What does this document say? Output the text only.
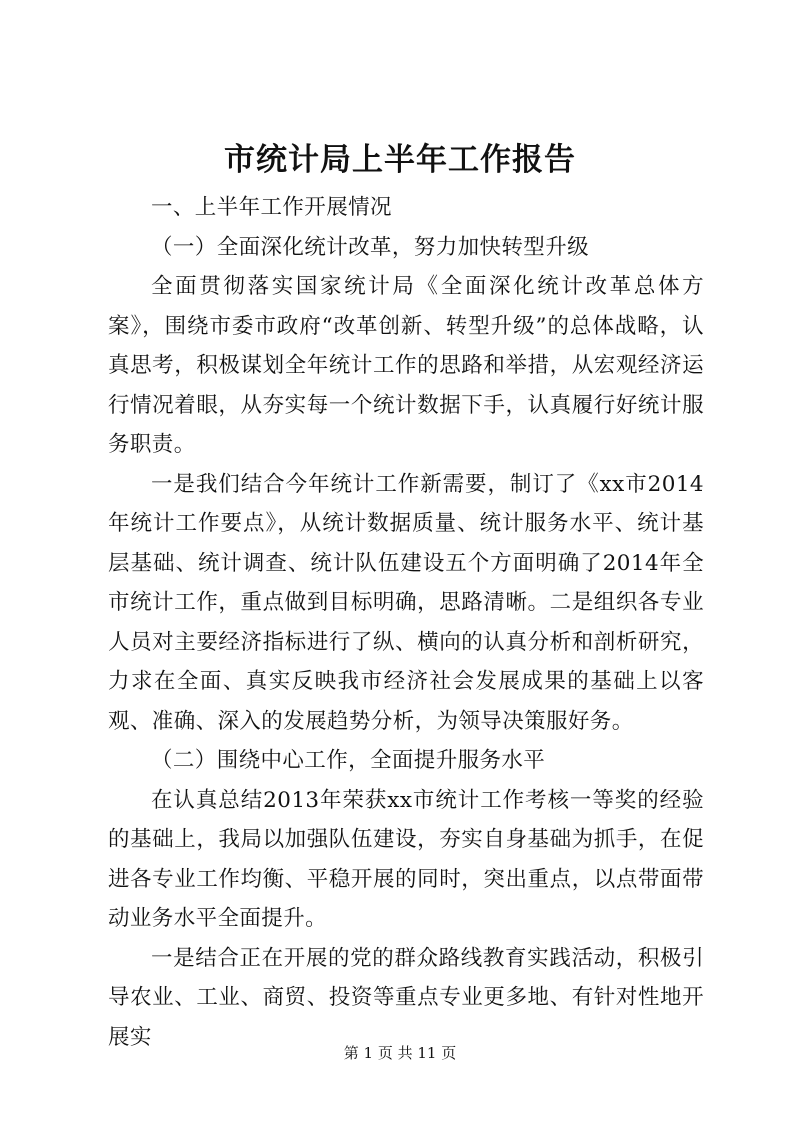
市统计局上半年工作报告

一、上半年工作开展情况

（一）全面深化统计改革，努力加快转型升级

全面贯彻落实国家统计局《全面深化统计改革总体方案》，围绕市委市政府“改革创新、转型升级”的总体战略，认真思考，积极谋划全年统计工作的思路和举措，从宏观经济运行情况着眼，从夯实每一个统计数据下手，认真履行好统计服务职责。

一是我们结合今年统计工作新需要，制订了《xx市2014年统计工作要点》，从统计数据质量、统计服务水平、统计基层基础、统计调查、统计队伍建设五个方面明确了2014年全市统计工作，重点做到目标明确，思路清晰。二是组织各专业人员对主要经济指标进行了纵、横向的认真分析和剖析研究，力求在全面、真实反映我市经济社会发展成果的基础上以客观、准确、深入的发展趋势分析，为领导决策服好务。

（二）围绕中心工作，全面提升服务水平

在认真总结2013年荣获xx市统计工作考核一等奖的经验的基础上，我局以加强队伍建设，夯实自身基础为抓手，在促进各专业工作均衡、平稳开展的同时，突出重点，以点带面带动业务水平全面提升。

一是结合正在开展的党的群众路线教育实践活动，积极引导农业、工业、商贸、投资等重点专业更多地、有针对性地开展实

第 1 页 共 11 页
